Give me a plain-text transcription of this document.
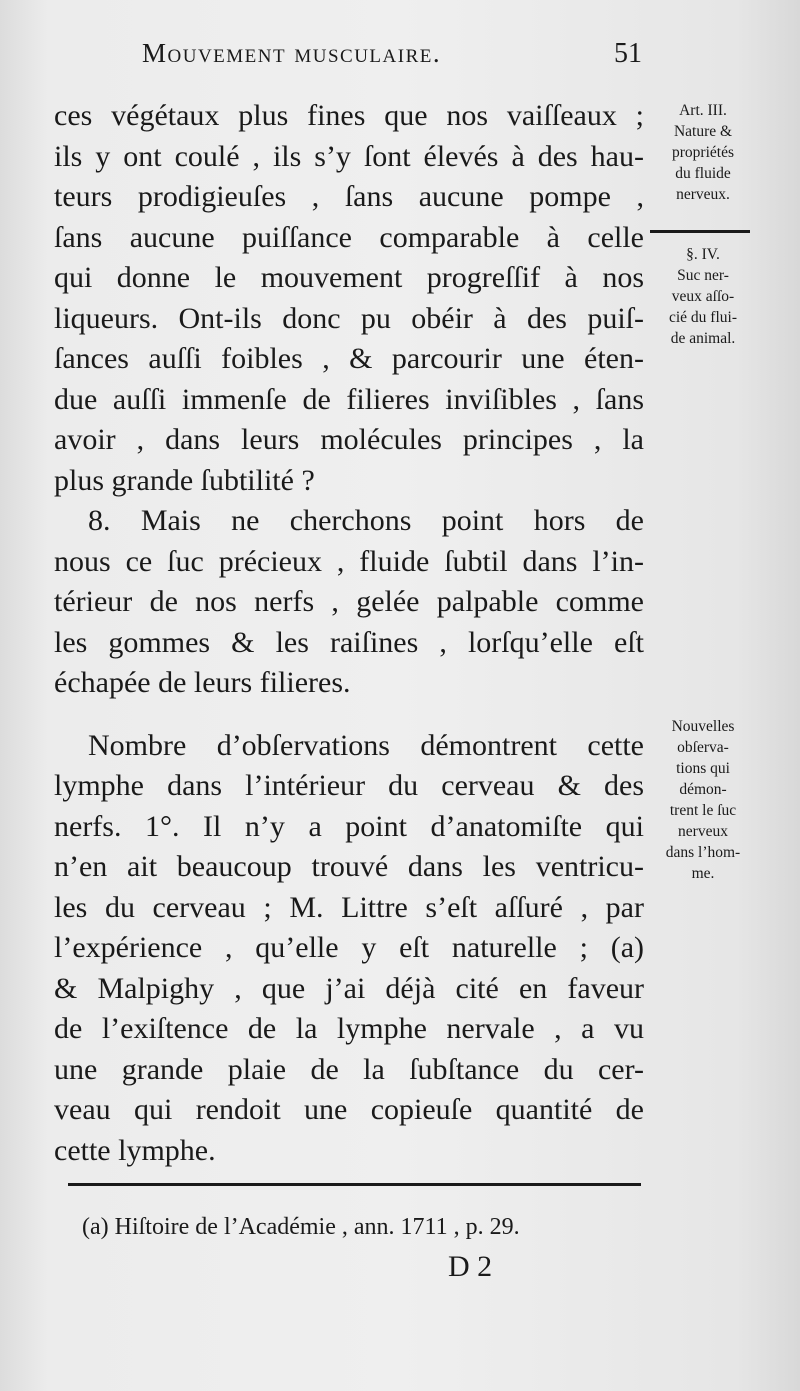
Mouvement musculaire.	51
ces végétaux plus fines que nos vaiſſeaux ;
ils y ont coulé , ils s’y ſont élevés à des hau-
teurs prodigieuſes , ſans aucune pompe ,
ſans aucune puiſſance comparable à celle
qui donne le mouvement progreſſif à nos
liqueurs. Ont-ils donc pu obéir à des puiſ-
ſances auſſi foibles , & parcourir une éten-
due auſſi immenſe de filieres inviſibles , ſans
avoir , dans leurs molécules principes , la
plus grande ſubtilité ?
8. Mais ne cherchons point hors de
nous ce ſuc précieux , fluide ſubtil dans l’in-
térieur de nos nerfs , gelée palpable comme
les gommes & les raiſines , lorſqu’elle eſt
échapée de leurs filieres.
Nombre d’obſervations démontrent cette
lymphe dans l’intérieur du cerveau & des
nerfs. 1°. Il n’y a point d’anatomiſte qui
n’en ait beaucoup trouvé dans les ventricu-
les du cerveau ; M. Littre s’eſt aſſuré , par
l’expérience , qu’elle y eſt naturelle ; (a)
& Malpighy , que j’ai déjà cité en faveur
de l’exiſtence de la lymphe nervale , a vu
une grande plaie de la ſubſtance du cer-
veau qui rendoit une copieuſe quantité de
cette lymphe.
Art. III.
Nature &
propriétés
du fluide
nerveux.
§. IV.
Suc ner-
veux aſſo-
cié du flui-
de animal.
Nouvelles
obſerva-
tions qui
démon-
trent le ſuc
nerveux
dans l’hom-
me.
(a) Hiſtoire de l’Académie , ann. 1711 , p. 29.
D 2
